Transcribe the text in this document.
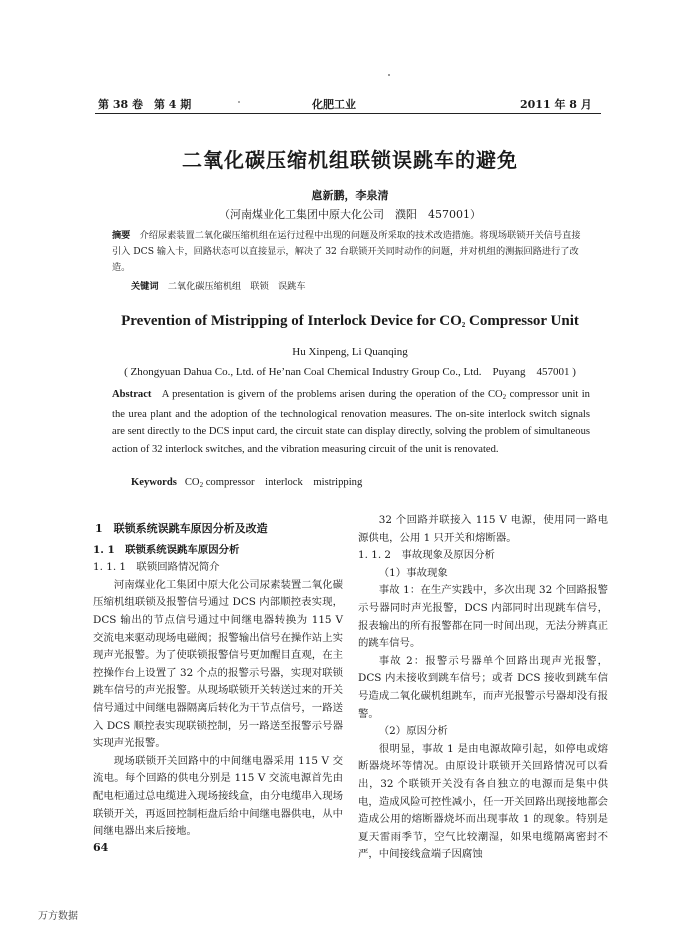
第 38 卷　第 4 期	化肥工业	2011 年 8 月
二氧化碳压缩机组联锁误跳车的避免
扈新鹏，李泉清
（河南煤业化工集团中原大化公司　濮阳　457001）
摘要　 介绍尿素装置二氧化碳压缩机组在运行过程中出现的问题及所采取的技术改造措施。将现场联锁开关信号直接引入 DCS 输入卡，回路状态可以直接显示，解决了 32 台联锁开关同时动作的问题，并对机组的测振回路进行了改造。
关键词　 二氧化碳压缩机组　联锁　误跳车
Prevention of Mistripping of Interlock Device for $CO_2$ Compressor Unit
Hu Xinpeng, Li Quanqing
( Zhongyuan Dahua Co., Ltd. of He’nan Coal Chemical Industry Group Co., Ltd.　Puyang　457001 )
Abstract A presentation is givern of the problems arisen during the operation of the $CO_2$ compressor unit in the urea plant and the adoption of the technological renovation measures. The on-site interlock switch signals are sent directly to the DCS input card, the circuit state can display directly, solving the problem of simultaneous action of 32 interlock switches, and the vibration measuring circuit of the unit is renovated.
Keywords $CO_2$ compressor　interlock　mistripping
1　联锁系统误跳车原因分析及改造
1. 1　联锁系统误跳车原因分析
1. 1. 1　联锁回路情况简介
河南煤业化工集团中原大化公司尿素装置二氧化碳压缩机组联锁及报警信号通过 DCS 内部顺控表实现，DCS 输出的节点信号通过中间继电器转换为 115 V 交流电来驱动现场电磁阀；报警输出信号在操作站上实现声光报警。为了使联锁报警信号更加醒目直观，在主控操作台上设置了 32 个点的报警示号器，实现对联锁跳车信号的声光报警。从现场联锁开关转送过来的开关信号通过中间继电器隔离后转化为干节点信号，一路送入 DCS 顺控表实现联锁控制，另一路送至报警示号器实现声光报警。
现场联锁开关回路中的中间继电器采用 115 V 交流电。每个回路的供电分别是 115 V 交流电源首先由配电柜通过总电缆进入现场接线盒，由分电缆串入现场联锁开关，再返回控制柜盘后给中间继电器供电，从中间继电器出来后接地。
32 个回路并联接入 115 V 电源，使用同一路电源供电，公用 1 只开关和熔断器。
1. 1. 2　事故现象及原因分析
（1）事故现象
事故 1：在生产实践中，多次出现 32 个回路报警示号器同时声光报警，DCS 内部同时出现跳车信号，报表输出的所有报警都在同一时间出现，无法分辨真正的跳车信号。
事故 2：报警示号器单个回路出现声光报警，DCS 内未接收到跳车信号；或者 DCS 接收到跳车信号造成二氧化碳机组跳车，而声光报警示号器却没有报警。
（2）原因分析
很明显，事故 1 是由电源故障引起，如停电或熔断器烧坏等情况。由原设计联锁开关回路情况可以看出，32 个联锁开关没有各自独立的电源而是集中供电，造成风险可控性减小，任一开关回路出现接地都会造成公用的熔断器烧坏而出现事故 1 的现象。特别是夏天雷雨季节，空气比较潮湿，如果电缆隔离密封不严，中间接线盒端子因腐蚀
64
万方数据
